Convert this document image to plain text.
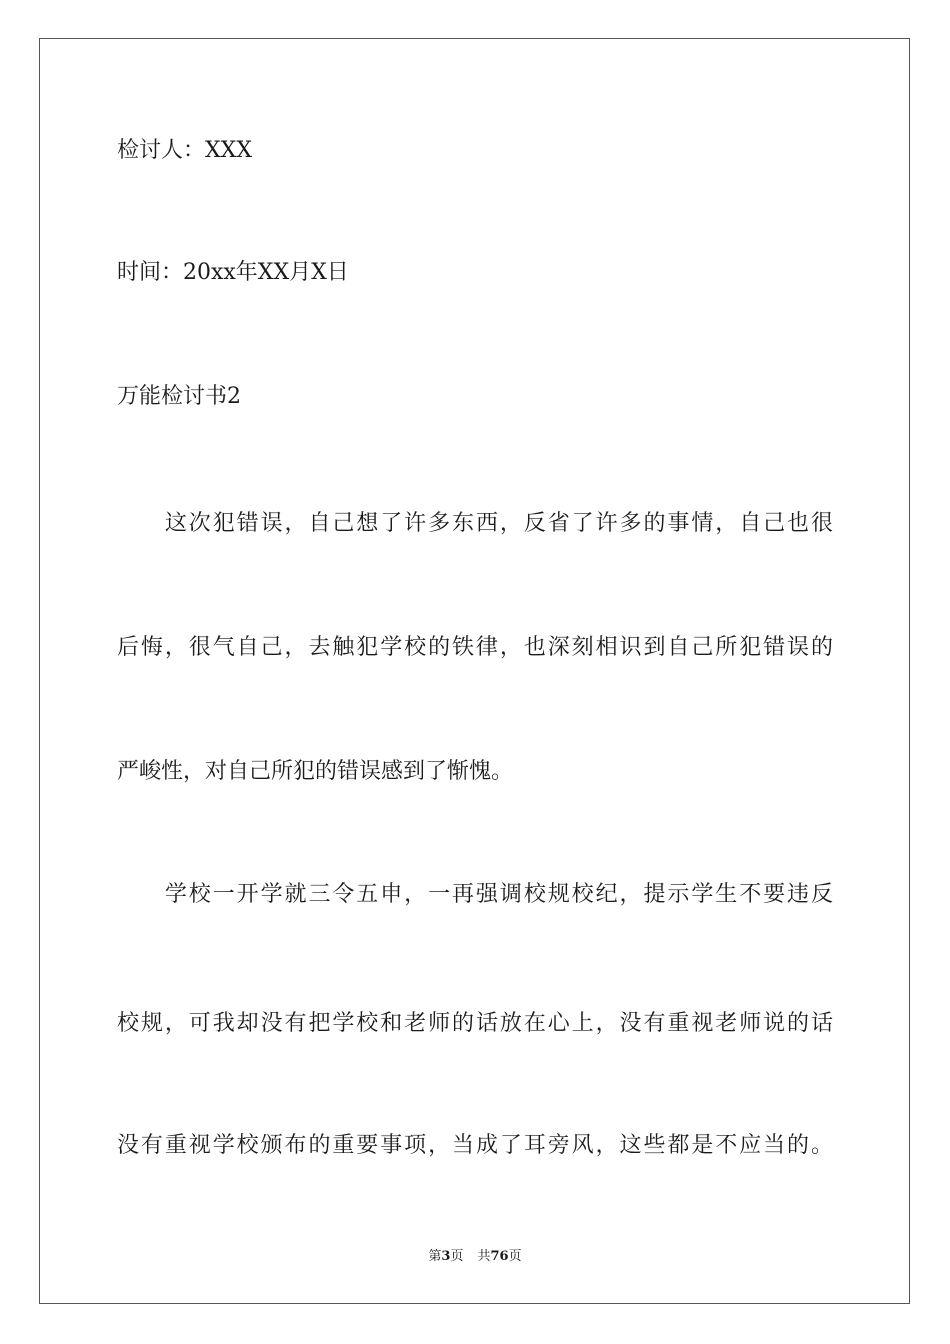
检讨人：XXX
时间：20xx年XX月X日
万能检讨书2
　　这次犯错误，自己想了许多东西，反省了许多的事情，自己也很
后悔，很气自己，去触犯学校的铁律，也深刻相识到自己所犯错误的
严峻性，对自己所犯的错误感到了惭愧。
　　学校一开学就三令五申，一再强调校规校纪，提示学生不要违反
校规，可我却没有把学校和老师的话放在心上，没有重视老师说的话
没有重视学校颁布的重要事项，当成了耳旁风，这些都是不应当的。
第3页 共76页
